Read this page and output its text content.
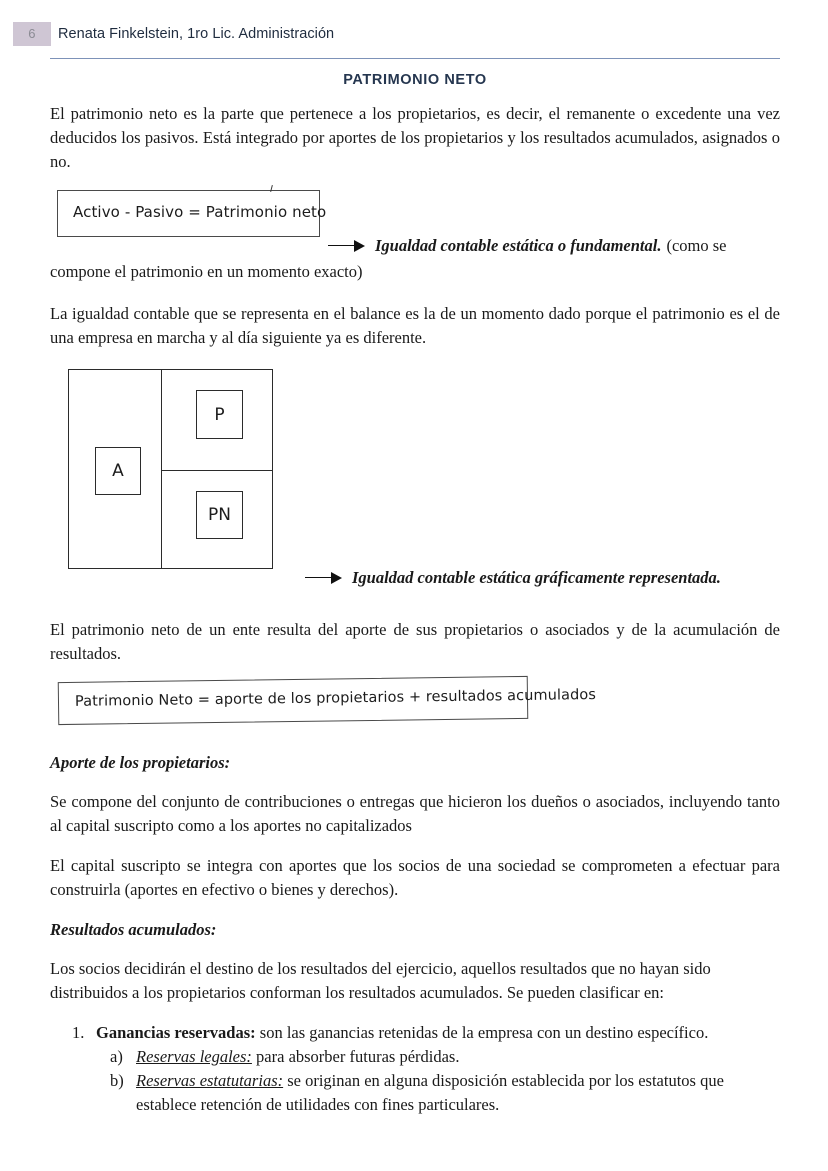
6	Renata Finkelstein, 1ro Lic. Administración
PATRIMONIO NETO

El patrimonio neto es la parte que pertenece a los propietarios, es decir, el remanente o excedente una vez deducidos los pasivos. Está integrado por aportes de los propietarios y los resultados acumulados, asignados o no.

La igualdad contable que se representa en el balance es la de un momento dado porque el patrimonio es el de una empresa en marcha y al día siguiente ya es diferente.

El patrimonio neto de un ente resulta del aporte de sus propietarios o asociados y de la acumulación de resultados.

Aporte de los propietarios:

Se compone del conjunto de contribuciones o entregas que hicieron los dueños o asociados, incluyendo tanto al capital suscripto como a los aportes no capitalizados

El capital suscripto se integra con aportes que los socios de una sociedad se comprometen a efectuar para construirla (aportes en efectivo o bienes y derechos).

Resultados acumulados:

Los socios decidirán el destino de los resultados del ejercicio, aquellos resultados que no hayan sido distribuidos a los propietarios conforman los resultados acumulados. Se pueden clasificar en:

1. Ganancias reservadas: son las ganancias retenidas de la empresa con un destino específico.
a) Reservas legales: para absorber futuras pérdidas.
b) Reservas estatutarias: se originan en alguna disposición establecida por los estatutos que establece retención de utilidades con fines particulares.
Activo - Pasivo = Patrimonio neto
Igualdad contable estática o fundamental. (como se
compone el patrimonio en un momento exacto)
A
P
PN
Igualdad contable estática gráficamente representada.
Patrimonio Neto = aporte de los propietarios + resultados acumulados
